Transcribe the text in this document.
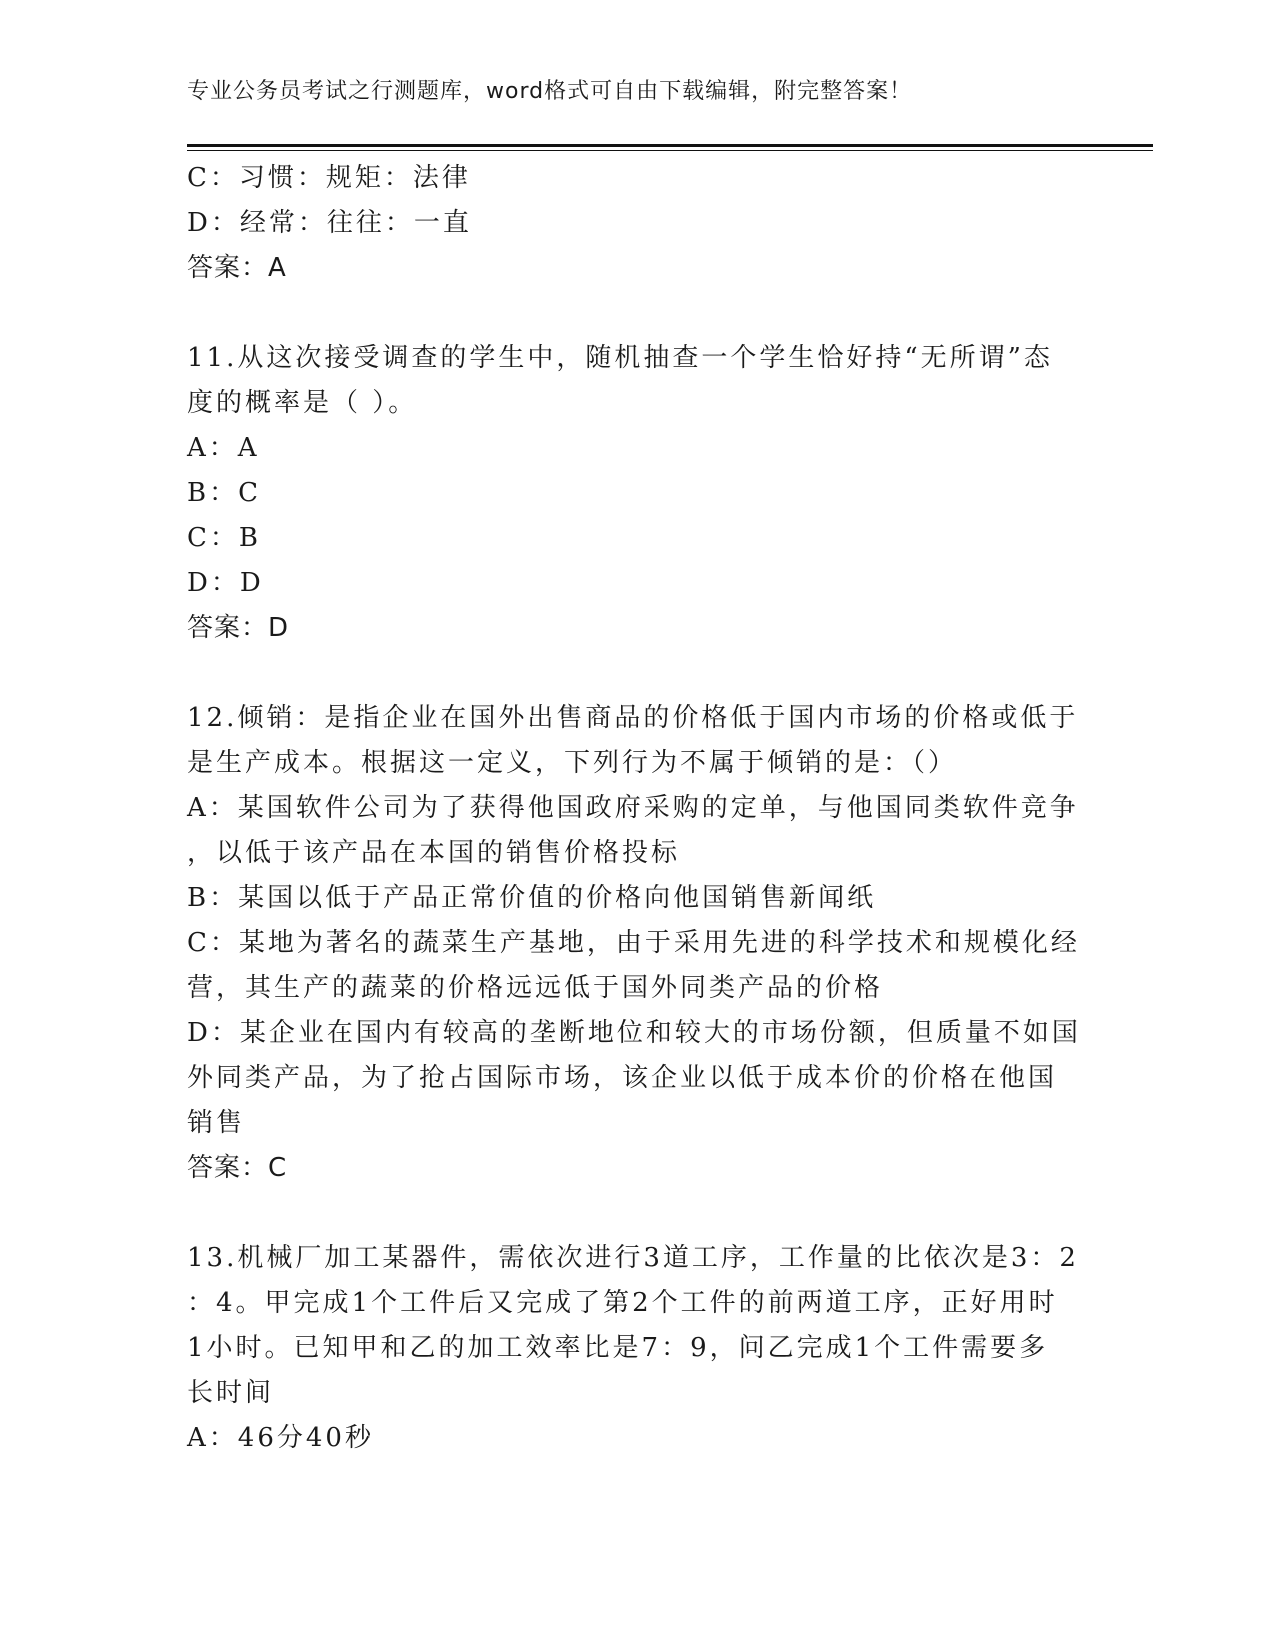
专业公务员考试之行测题库，word格式可自由下载编辑，附完整答案！
C：习惯：规矩：法律
D：经常：往往：一直
答案：A
11.从这次接受调查的学生中，随机抽查一个学生恰好持“无所谓”态
度的概率是（ ）。
A：A
B：C
C：B
D：D
答案：D
12.倾销：是指企业在国外出售商品的价格低于国内市场的价格或低于
是生产成本。根据这一定义，下列行为不属于倾销的是：（）
A：某国软件公司为了获得他国政府采购的定单，与他国同类软件竞争
，以低于该产品在本国的销售价格投标
B：某国以低于产品正常价值的价格向他国销售新闻纸
C：某地为著名的蔬菜生产基地，由于采用先进的科学技术和规模化经
营，其生产的蔬菜的价格远远低于国外同类产品的价格
D：某企业在国内有较高的垄断地位和较大的市场份额，但质量不如国
外同类产品，为了抢占国际市场，该企业以低于成本价的价格在他国
销售
答案：C
13.机械厂加工某器件，需依次进行3道工序，工作量的比依次是3：2
：4。甲完成1个工件后又完成了第2个工件的前两道工序，正好用时
1小时。已知甲和乙的加工效率比是7：9，问乙完成1个工件需要多
长时间
A：46分40秒
